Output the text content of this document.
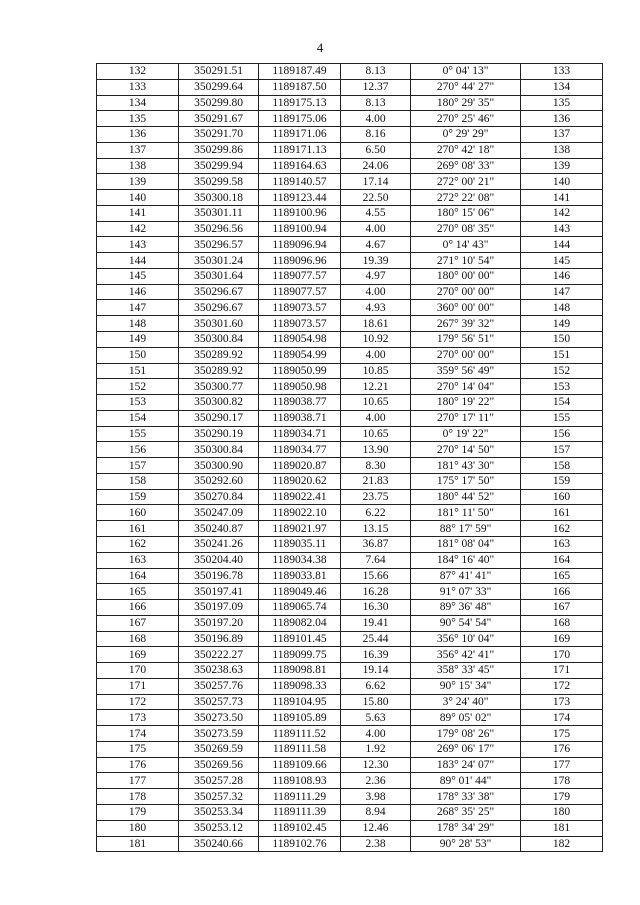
4
132	350291.51	1189187.49	8.13	0° 04' 13"	133
133	350299.64	1189187.50	12.37	270° 44' 27"	134
134	350299.80	1189175.13	8.13	180° 29' 35"	135
135	350291.67	1189175.06	4.00	270° 25' 46"	136
136	350291.70	1189171.06	8.16	0° 29' 29"	137
137	350299.86	1189171.13	6.50	270° 42' 18"	138
138	350299.94	1189164.63	24.06	269° 08' 33"	139
139	350299.58	1189140.57	17.14	272° 00' 21"	140
140	350300.18	1189123.44	22.50	272° 22' 08"	141
141	350301.11	1189100.96	4.55	180° 15' 06"	142
142	350296.56	1189100.94	4.00	270° 08' 35"	143
143	350296.57	1189096.94	4.67	0° 14' 43"	144
144	350301.24	1189096.96	19.39	271° 10' 54"	145
145	350301.64	1189077.57	4.97	180° 00' 00"	146
146	350296.67	1189077.57	4.00	270° 00' 00"	147
147	350296.67	1189073.57	4.93	360° 00' 00"	148
148	350301.60	1189073.57	18.61	267° 39' 32"	149
149	350300.84	1189054.98	10.92	179° 56' 51"	150
150	350289.92	1189054.99	4.00	270° 00' 00"	151
151	350289.92	1189050.99	10.85	359° 56' 49"	152
152	350300.77	1189050.98	12.21	270° 14' 04"	153
153	350300.82	1189038.77	10.65	180° 19' 22"	154
154	350290.17	1189038.71	4.00	270° 17' 11"	155
155	350290.19	1189034.71	10.65	0° 19' 22"	156
156	350300.84	1189034.77	13.90	270° 14' 50"	157
157	350300.90	1189020.87	8.30	181° 43' 30"	158
158	350292.60	1189020.62	21.83	175° 17' 50"	159
159	350270.84	1189022.41	23.75	180° 44' 52"	160
160	350247.09	1189022.10	6.22	181° 11' 50"	161
161	350240.87	1189021.97	13.15	88° 17' 59"	162
162	350241.26	1189035.11	36.87	181° 08' 04"	163
163	350204.40	1189034.38	7.64	184° 16' 40"	164
164	350196.78	1189033.81	15.66	87° 41' 41"	165
165	350197.41	1189049.46	16.28	91° 07' 33"	166
166	350197.09	1189065.74	16.30	89° 36' 48"	167
167	350197.20	1189082.04	19.41	90° 54' 54"	168
168	350196.89	1189101.45	25.44	356° 10' 04"	169
169	350222.27	1189099.75	16.39	356° 42' 41"	170
170	350238.63	1189098.81	19.14	358° 33' 45"	171
171	350257.76	1189098.33	6.62	90° 15' 34"	172
172	350257.73	1189104.95	15.80	3° 24' 40"	173
173	350273.50	1189105.89	5.63	89° 05' 02"	174
174	350273.59	1189111.52	4.00	179° 08' 26"	175
175	350269.59	1189111.58	1.92	269° 06' 17"	176
176	350269.56	1189109.66	12.30	183° 24' 07"	177
177	350257.28	1189108.93	2.36	89° 01' 44"	178
178	350257.32	1189111.29	3.98	178° 33' 38"	179
179	350253.34	1189111.39	8.94	268° 35' 25"	180
180	350253.12	1189102.45	12.46	178° 34' 29"	181
181	350240.66	1189102.76	2.38	90° 28' 53"	182
